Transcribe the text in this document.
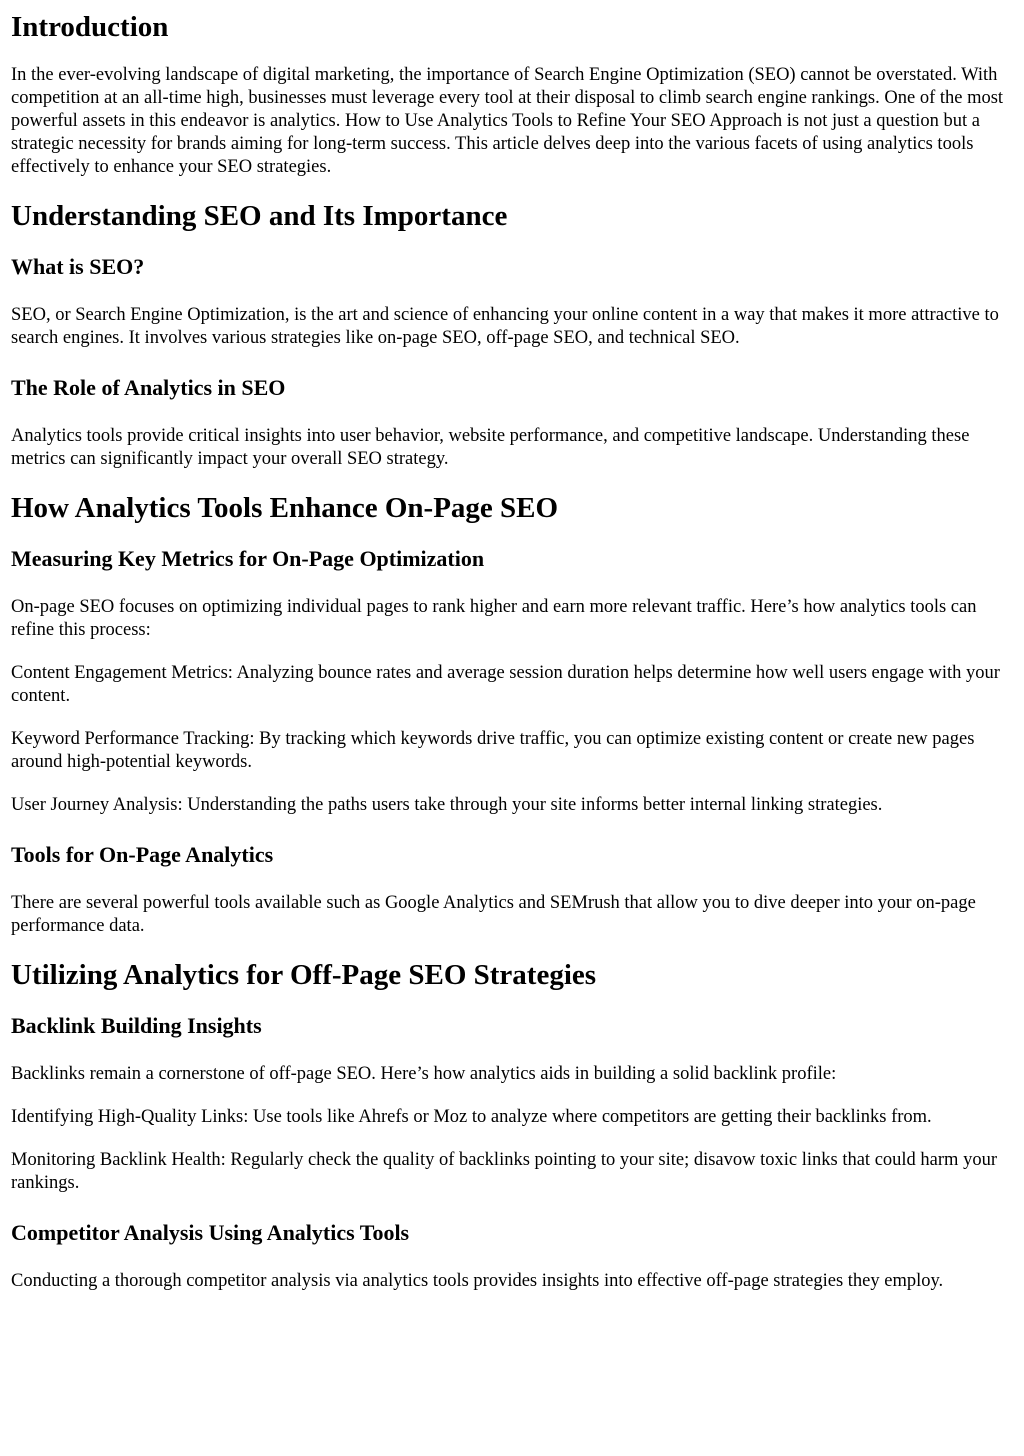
Introduction

In the ever-evolving landscape of digital marketing, the importance of Search Engine Optimization (SEO) cannot be overstated. With competition at an all-time high, businesses must leverage every tool at their disposal to climb search engine rankings. One of the most powerful assets in this endeavor is analytics. How to Use Analytics Tools to Refine Your SEO Approach is not just a question but a strategic necessity for brands aiming for long-term success. This article delves deep into the various facets of using analytics tools effectively to enhance your SEO strategies.

Understanding SEO and Its Importance
What is SEO?

SEO, or Search Engine Optimization, is the art and science of enhancing your online content in a way that makes it more attractive to search engines. It involves various strategies like on-page SEO, off-page SEO, and technical SEO.

The Role of Analytics in SEO

Analytics tools provide critical insights into user behavior, website performance, and competitive landscape. Understanding these metrics can significantly impact your overall SEO strategy.

How Analytics Tools Enhance On-Page SEO
Measuring Key Metrics for On-Page Optimization

On-page SEO focuses on optimizing individual pages to rank higher and earn more relevant traffic. Here’s how analytics tools can refine this process:

Content Engagement Metrics: Analyzing bounce rates and average session duration helps determine how well users engage with your content.

Keyword Performance Tracking: By tracking which keywords drive traffic, you can optimize existing content or create new pages around high-potential keywords.

User Journey Analysis: Understanding the paths users take through your site informs better internal linking strategies.

Tools for On-Page Analytics

There are several powerful tools available such as Google Analytics and SEMrush that allow you to dive deeper into your on-page performance data.

Utilizing Analytics for Off-Page SEO Strategies
Backlink Building Insights

Backlinks remain a cornerstone of off-page SEO. Here’s how analytics aids in building a solid backlink profile:

Identifying High-Quality Links: Use tools like Ahrefs or Moz to analyze where competitors are getting their backlinks from.

Monitoring Backlink Health: Regularly check the quality of backlinks pointing to your site; disavow toxic links that could harm your rankings.

Competitor Analysis Using Analytics Tools

Conducting a thorough competitor analysis via analytics tools provides insights into effective off-page strategies they employ.
